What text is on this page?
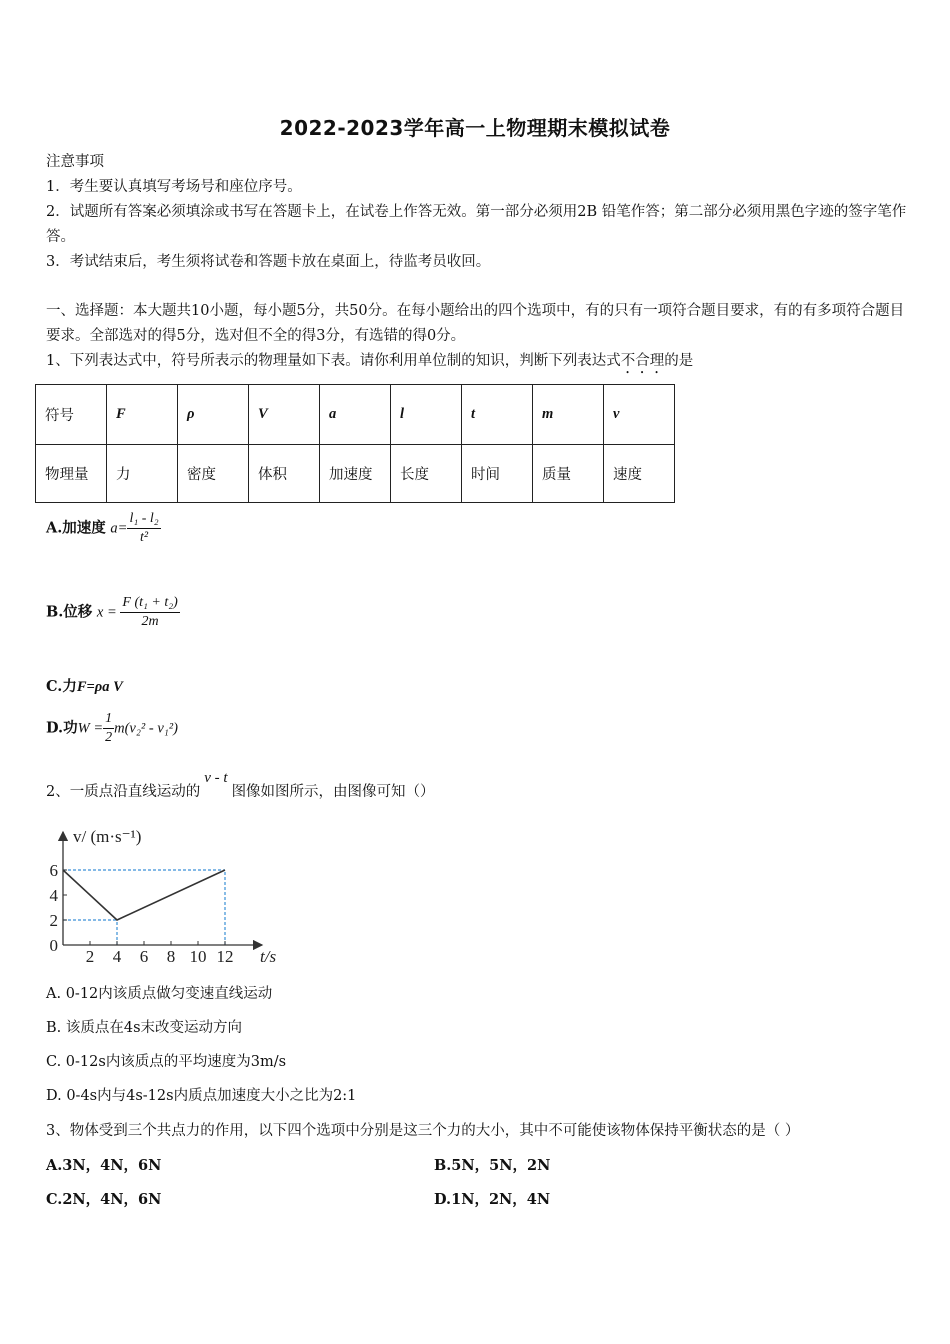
2022-2023学年高一上物理期末模拟试卷
注意事项
1．考生要认真填写考场号和座位序号。
2．试题所有答案必须填涂或书写在答题卡上，在试卷上作答无效。第一部分必须用2B 铅笔作答；第二部分必须用黑色字迹的签字笔作答。
3．考试结束后，考生须将试卷和答题卡放在桌面上，待监考员收回。
一、选择题：本大题共10小题，每小题5分，共50分。在每小题给出的四个选项中，有的只有一项符合题目要求，有的有多项符合题目要求。全部选对的得5分，选对但不全的得3分，有选错的得0分。
1、下列表达式中，符号所表示的物理量如下表。请你利用单位制的知识，判断下列表达式不合理的是
符号	F	ρ	V	a	l	t	m	v
物理量	力	密度	体积	加速度	长度	时间	质量	速度
A.加速度 $a= \frac{\text{l₁ - l₂}}{\text{t²}}$
B.位移 $x = \frac{\text{F (t₁ + t₂)}}{2m}$
C.力F=ρa V
D.功$W = \frac{1}{2} m(v_2^2 - v_1^2)$
2、一质点沿直线运动的v - t图像如图所示，由图像可知（）
2 4 6 8 10 12
0
2
4
6
v/ (m·s⁻¹)
t/s
A. 0-12内该质点做匀变速直线运动
B. 该质点在4s末改变运动方向
C. 0-12s内该质点的平均速度为3m/s
D. 0-4s内与4s-12s内质点加速度大小之比为2:1
3、物体受到三个共点力的作用，以下四个选项中分别是这三个力的大小，其中不可能使该物体保持平衡状态的是（ ）
A.3N，4N，6N	B.5N，5N，2N
C.2N，4N，6N	D.1N，2N，4N
